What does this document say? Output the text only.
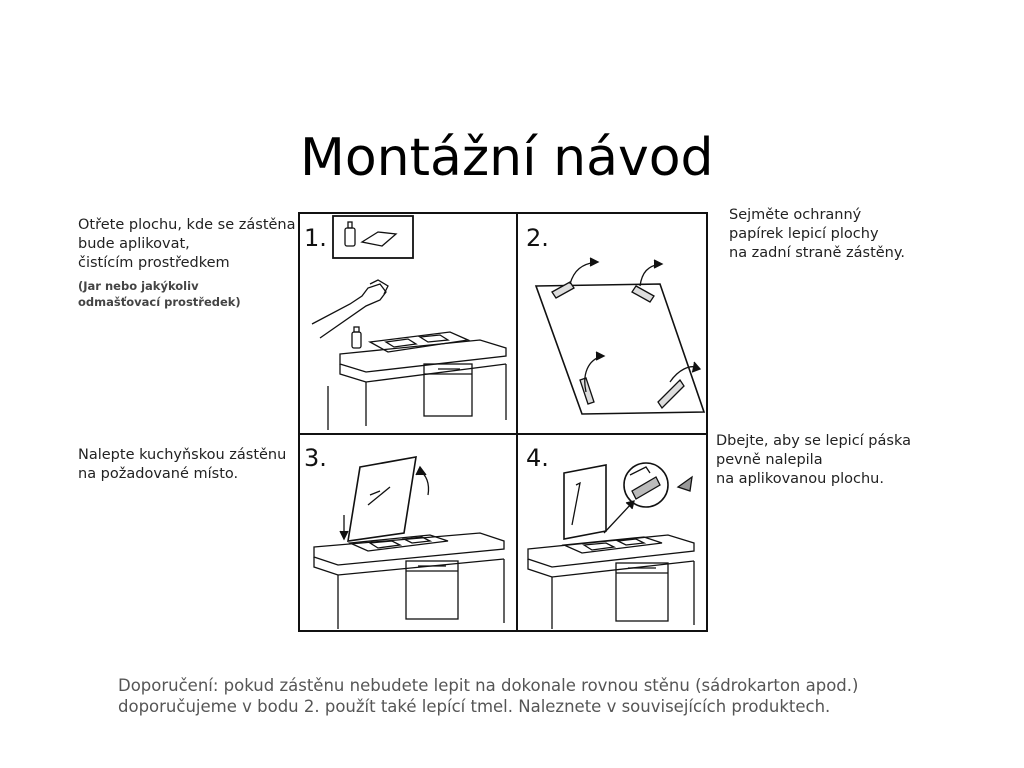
Montážní návod
Otřete plochu, kde se zástěna
bude aplikovat,
čistícím prostředkem
(Jar nebo jakýkoliv
odmašťovací prostředek)
Sejměte ochranný
papírek lepicí plochy
na zadní straně zástěny.
Nalepte kuchyňskou zástěnu
na požadované místo.
Dbejte, aby se lepicí páska
pevně nalepila
na aplikovanou plochu.
1.	2.
3.	4.
Doporučení: pokud zástěnu nebudete lepit na dokonale rovnou stěnu (sádrokarton apod.)
doporučujeme v bodu 2. použít také lepící tmel. Naleznete v souvisejících produktech.
